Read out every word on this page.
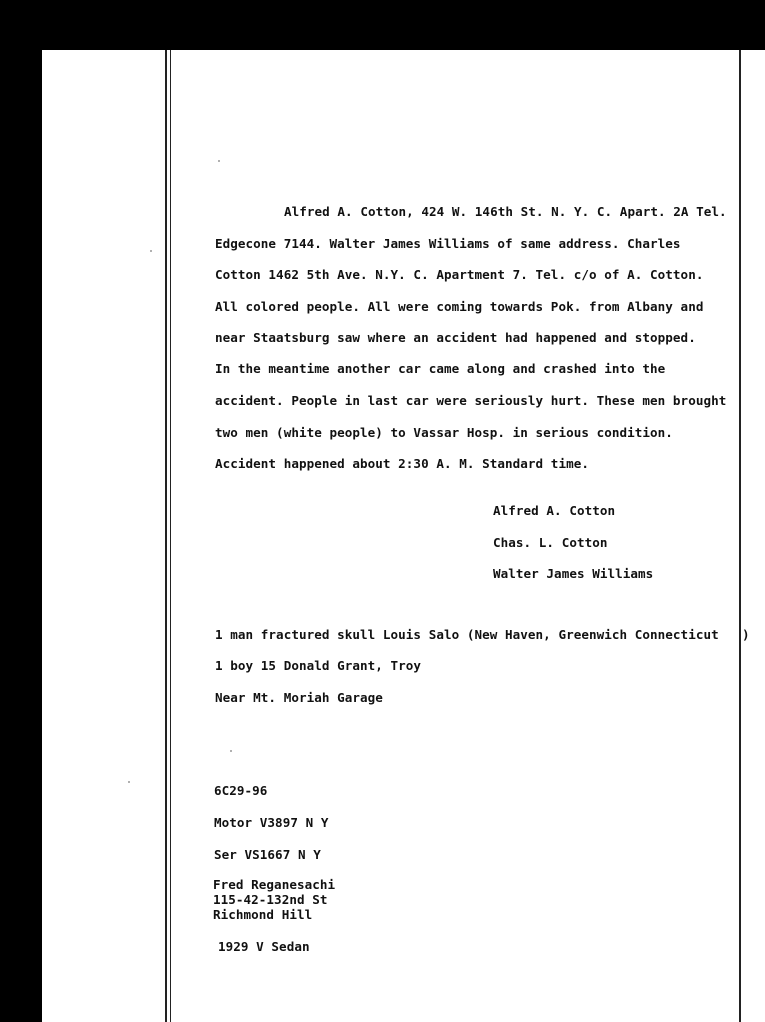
Alfred A. Cotton, 424 W. 146th St. N. Y. C. Apart. 2A Tel.
Edgecone 7144. Walter James Williams of same address. Charles
Cotton 1462 5th Ave. N.Y. C. Apartment 7. Tel. c/o of A. Cotton.
All colored people. All were coming towards Pok. from Albany and
near Staatsburg saw where an accident had happened and stopped.
In the meantime another car came along and crashed into the
accident. People in last car were seriously hurt. These men brought
two men (white people) to Vassar Hosp. in serious condition.
Accident happened about 2:30 A. M. Standard time.
Alfred A. Cotton
Chas. L. Cotton
Walter James Williams
1 man fractured skull Louis Salo (New Haven, Greenwich Connecticut )
1 boy 15 Donald Grant, Troy
Near Mt. Moriah Garage
6C29-96
Motor V3897 N Y
Ser VS1667 N Y
Fred Reganesachi
115-42-132nd St
Richmond Hill
1929 V Sedan
